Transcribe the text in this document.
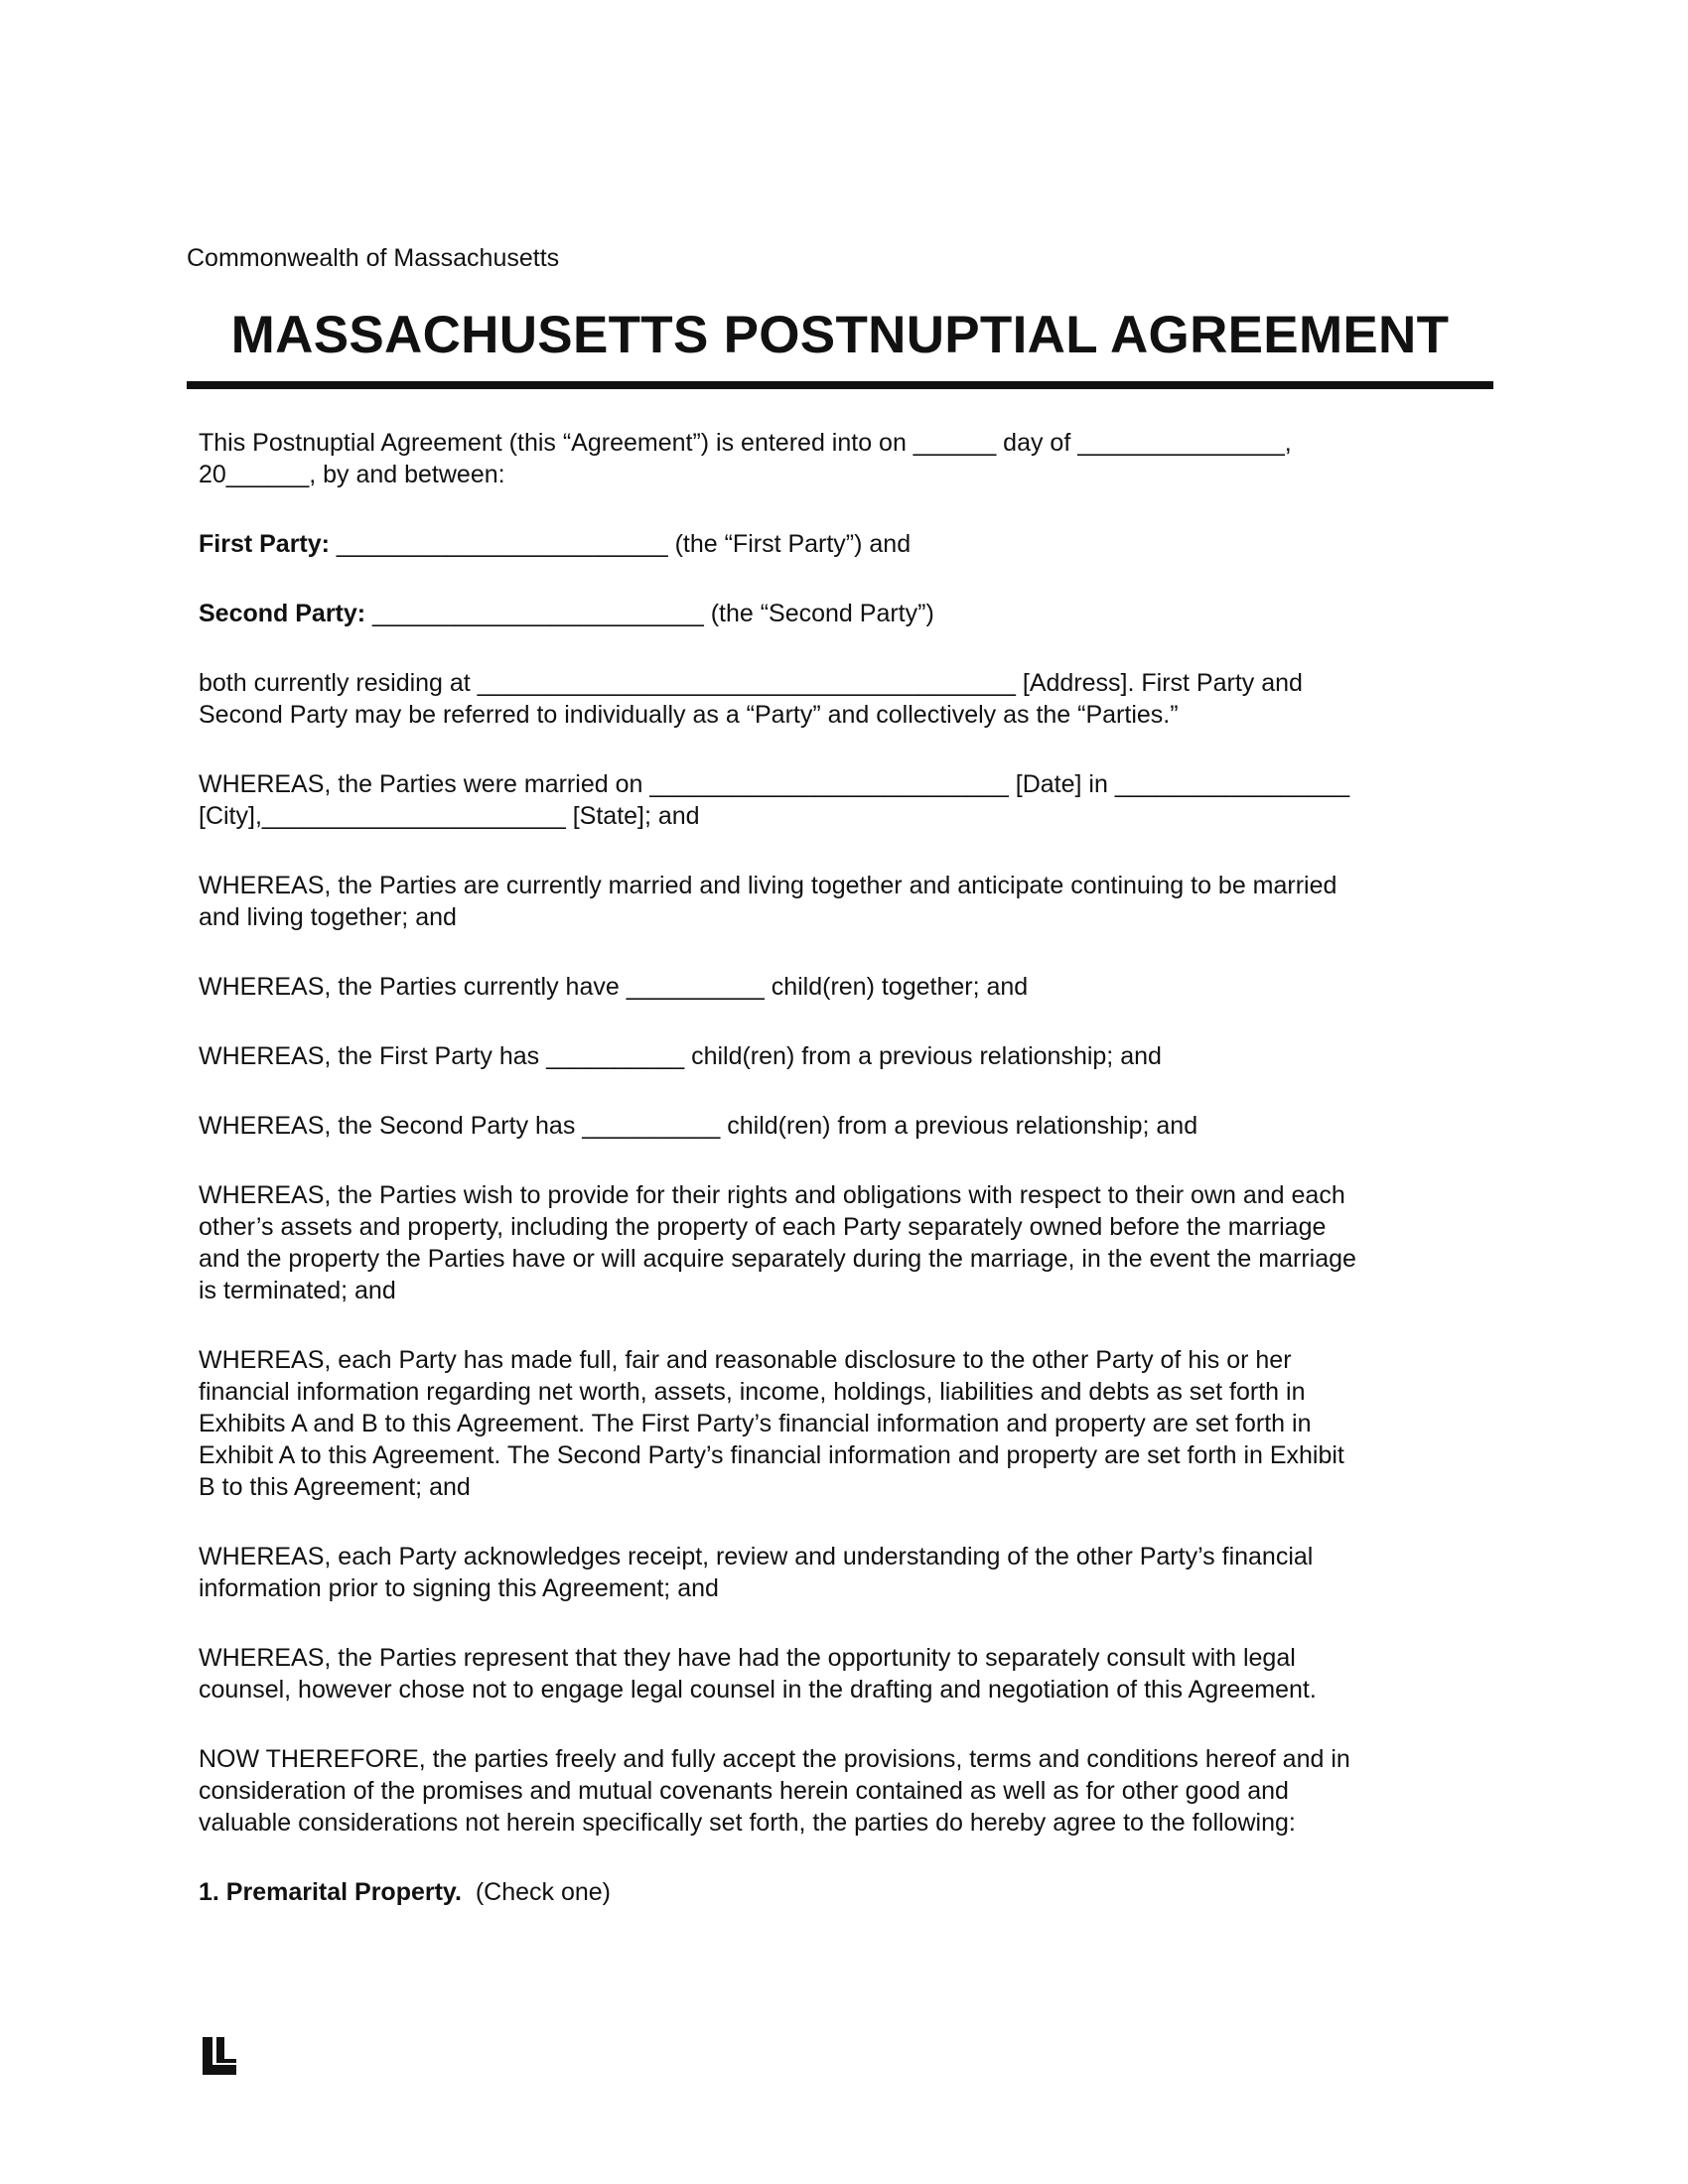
Commonwealth of Massachusetts
MASSACHUSETTS POSTNUPTIAL AGREEMENT

This Postnuptial Agreement (this “Agreement”) is entered into on ______ day of _______________,

20______, by and between:

First Party: ________________________ (the “First Party”) and

Second Party: ________________________ (the “Second Party”)

both currently residing at _______________________________________ [Address]. First Party and

Second Party may be referred to individually as a “Party” and collectively as the “Parties.”

WHEREAS, the Parties were married on __________________________ [Date] in _________________

[City],______________________ [State]; and

WHEREAS, the Parties are currently married and living together and anticipate continuing to be married

and living together; and

WHEREAS, the Parties currently have __________ child(ren) together; and

WHEREAS, the First Party has __________ child(ren) from a previous relationship; and

WHEREAS, the Second Party has __________ child(ren) from a previous relationship; and

WHEREAS, the Parties wish to provide for their rights and obligations with respect to their own and each

other’s assets and property, including the property of each Party separately owned before the marriage

and the property the Parties have or will acquire separately during the marriage, in the event the marriage

is terminated; and

WHEREAS, each Party has made full, fair and reasonable disclosure to the other Party of his or her

financial information regarding net worth, assets, income, holdings, liabilities and debts as set forth in

Exhibits A and B to this Agreement. The First Party’s financial information and property are set forth in

Exhibit A to this Agreement. The Second Party’s financial information and property are set forth in Exhibit

B to this Agreement; and

WHEREAS, each Party acknowledges receipt, review and understanding of the other Party’s financial

information prior to signing this Agreement; and

WHEREAS, the Parties represent that they have had the opportunity to separately consult with legal

counsel, however chose not to engage legal counsel in the drafting and negotiation of this Agreement.

NOW THEREFORE, the parties freely and fully accept the provisions, terms and conditions hereof and in

consideration of the promises and mutual covenants herein contained as well as for other good and

valuable considerations not herein specifically set forth, the parties do hereby agree to the following:

1. Premarital Property.  (Check one)
